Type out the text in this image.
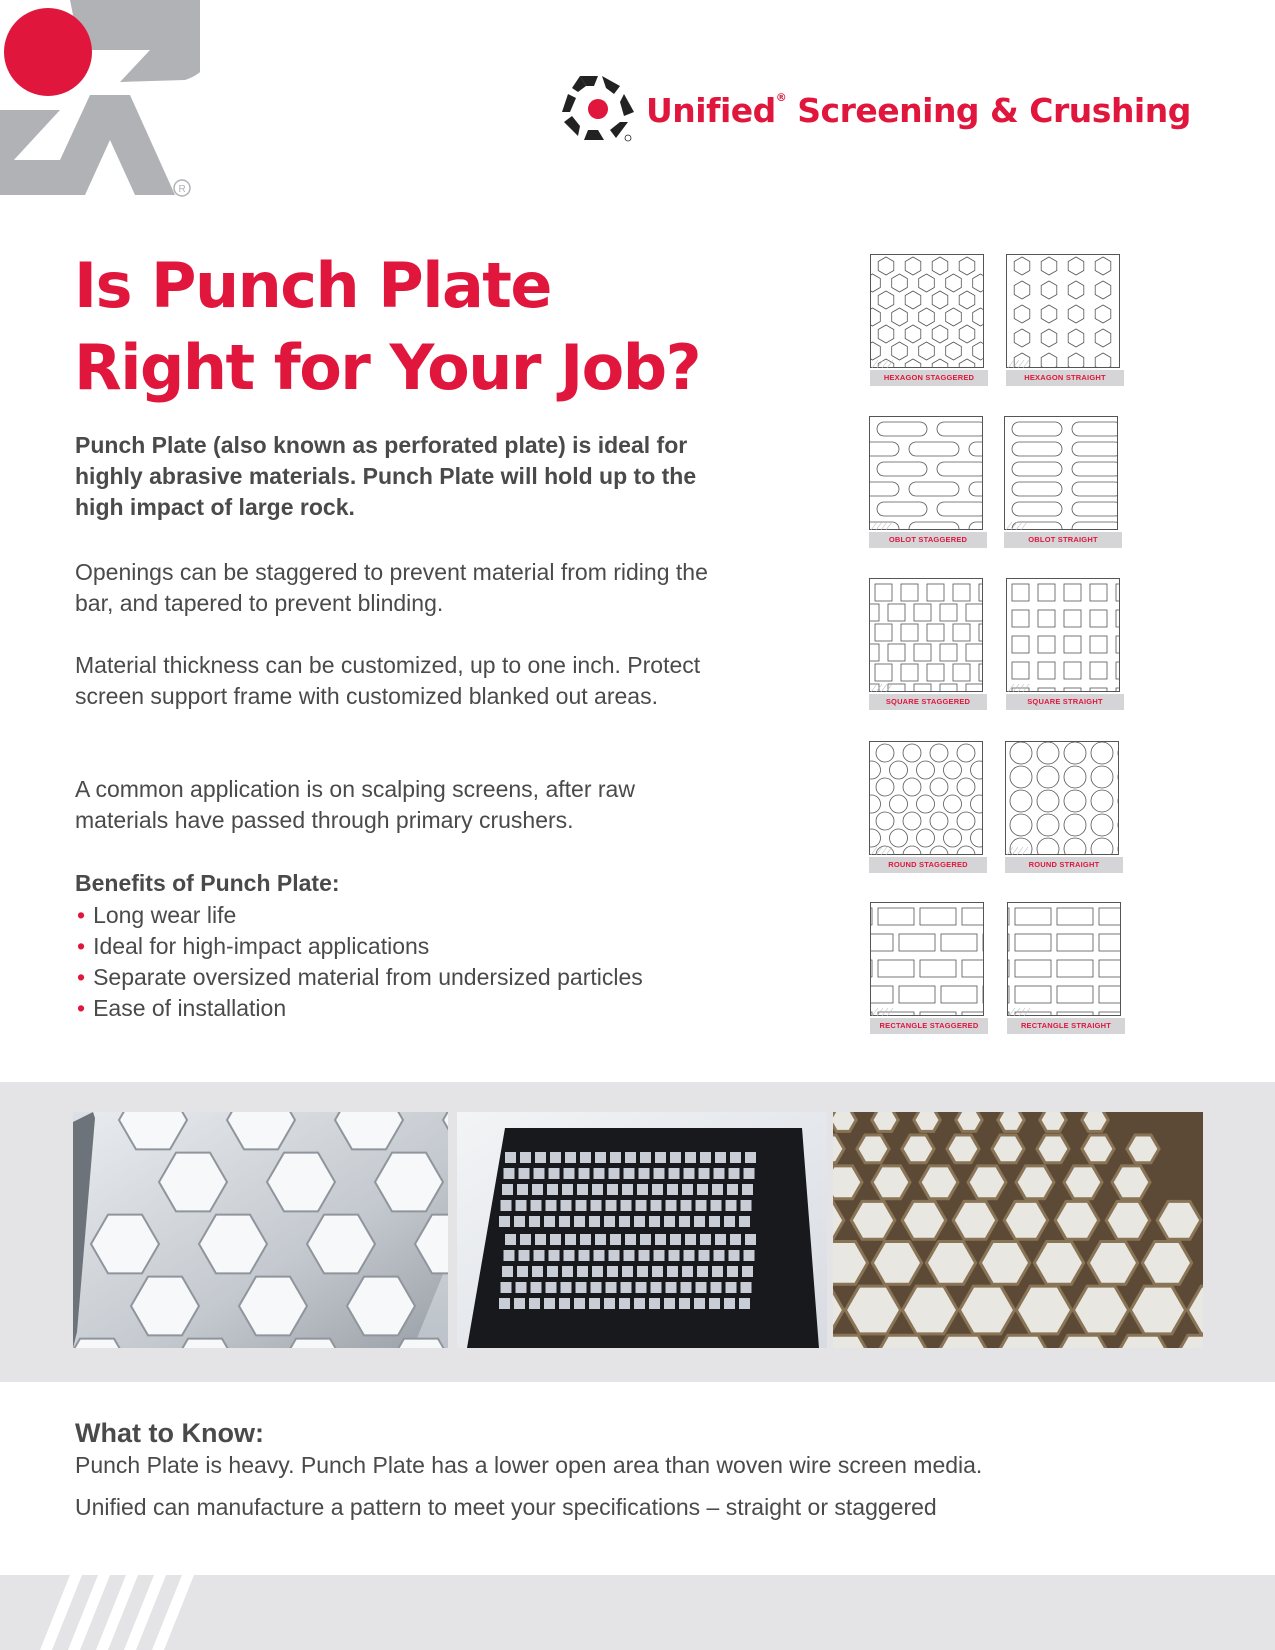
R
Unified® Screening & Crushing
Is Punch Plate
Right for Your Job?

Punch Plate (also known as perforated plate) is ideal for highly abrasive materials. Punch Plate will hold up to the high impact of large rock.

Openings can be staggered to prevent material from riding the bar, and tapered to prevent blinding.

Material thickness can be customized, up to one inch. Protect screen support frame with customized blanked out areas.

A common application is on scalping screens, after raw materials have passed through primary crushers.

Benefits of Punch Plate:
• Long wear life
• Ideal for high-impact applications
• Separate oversized material from undersized particles
• Ease of installation
HEXAGON STAGGERED	HEXAGON STRAIGHT
OBLOT STAGGERED	OBLOT STRAIGHT
SQUARE STAGGERED	SQUARE STRAIGHT
ROUND STAGGERED	ROUND STRAIGHT
RECTANGLE STAGGERED	RECTANGLE STRAIGHT
What to Know:

Punch Plate is heavy. Punch Plate has a lower open area than woven wire screen media.

Unified can manufacture a pattern to meet your specifications – straight or staggered
